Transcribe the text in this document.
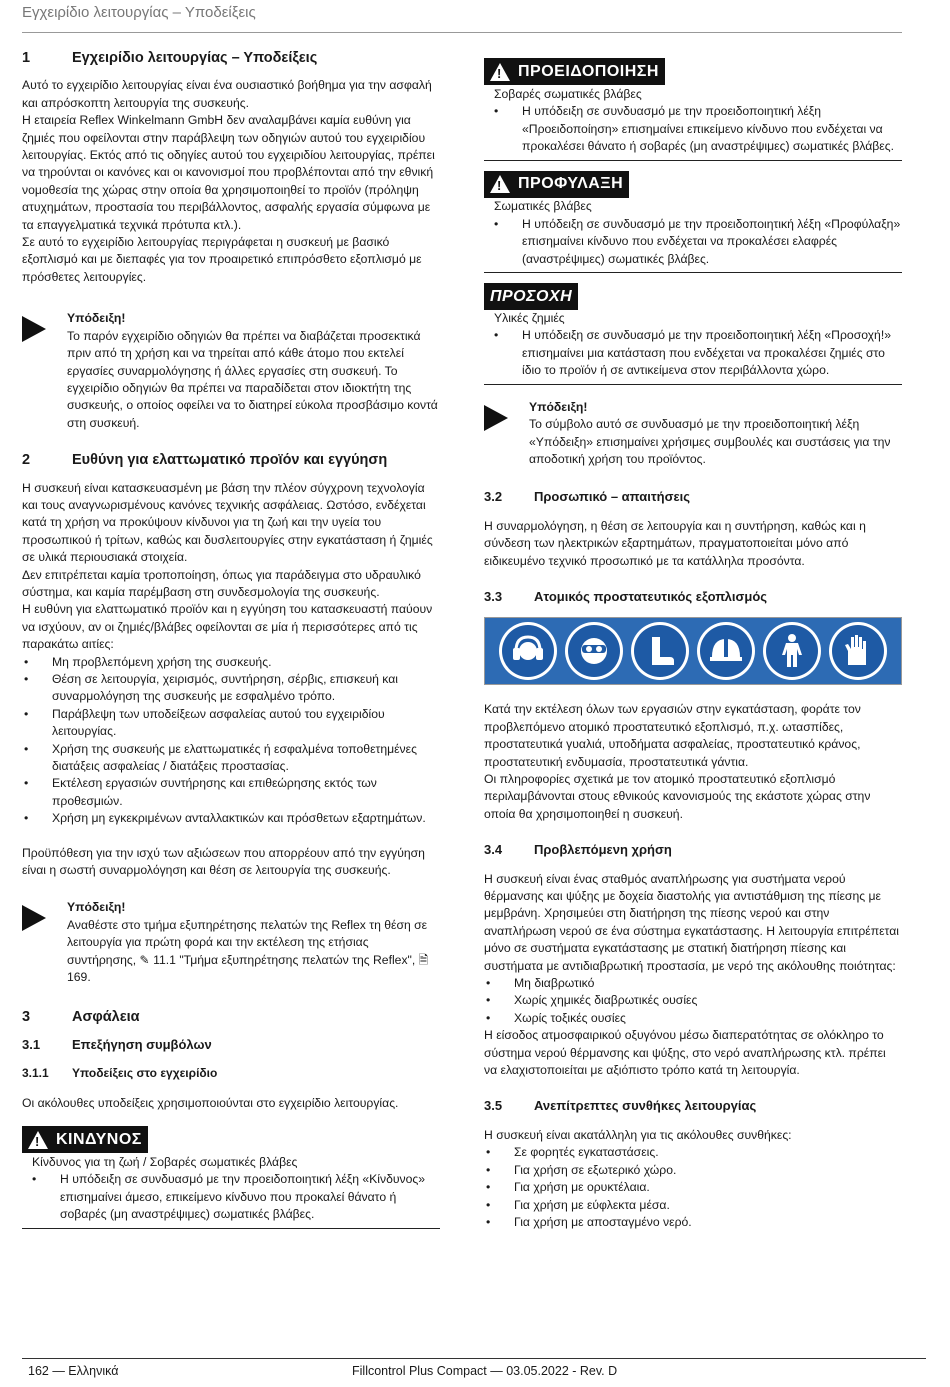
Εγχειρίδιο λειτουργίας – Υποδείξεις
1	Εγχειρίδιο λειτουργίας – Υποδείξεις

Αυτό το εγχειρίδιο λειτουργίας είναι ένα ουσιαστικό βοήθημα για την ασφαλή και απρόσκοπτη λειτουργία της συσκευής.

Η εταιρεία Reflex Winkelmann GmbH δεν αναλαμβάνει καμία ευθύνη για ζημιές που οφείλονται στην παράβλεψη των οδηγιών αυτού του εγχειριδίου λειτουργίας. Εκτός από τις οδηγίες αυτού του εγχειριδίου λειτουργίας, πρέπει να τηρούνται οι κανόνες και οι κανονισμοί που προβλέπονται από την εθνική νομοθεσία της χώρας στην οποία θα χρησιμοποιηθεί το προϊόν (πρόληψη ατυχημάτων, προστασία του περιβάλλοντος, ασφαλής εργασία σύμφωνα με τα επαγγελματικά τεχνικά πρότυπα κτλ.).

Σε αυτό το εγχειρίδιο λειτουργίας περιγράφεται η συσκευή με βασικό εξοπλισμό και με διεπαφές για τον προαιρετικό επιπρόσθετο εξοπλισμό με πρόσθετες λειτουργίες.

Υπόδειξη!
Το παρόν εγχειρίδιο οδηγιών θα πρέπει να διαβάζεται προσεκτικά πριν από τη χρήση και να τηρείται από κάθε άτομο που εκτελεί εργασίες συναρμολόγησης ή άλλες εργασίες στη συσκευή. Το εγχειρίδιο οδηγιών θα πρέπει να παραδίδεται στον ιδιοκτήτη της συσκευής, ο οποίος οφείλει να το διατηρεί εύκολα προσβάσιμο κοντά στη συσκευή.
2	Ευθύνη για ελαττωματικό προϊόν και εγγύηση

Η συσκευή είναι κατασκευασμένη με βάση την πλέον σύγχρονη τεχνολογία και τους αναγνωρισμένους κανόνες τεχνικής ασφάλειας. Ωστόσο, ενδέχεται κατά τη χρήση να προκύψουν κίνδυνοι για τη ζωή και την υγεία του προσωπικού ή τρίτων, καθώς και δυσλειτουργίες στην εγκατάσταση ή ζημιές σε υλικά περιουσιακά στοιχεία.

Δεν επιτρέπεται καμία τροποποίηση, όπως για παράδειγμα στο υδραυλικό σύστημα, και καμία παρέμβαση στη συνδεσμολογία της συσκευής.

Η ευθύνη για ελαττωματικό προϊόν και η εγγύηση του κατασκευαστή παύουν να ισχύουν, αν οι ζημιές/βλάβες οφείλονται σε μία ή περισσότερες από τις παρακάτω αιτίες:

• Μη προβλεπόμενη χρήση της συσκευής.
• Θέση σε λειτουργία, χειρισμός, συντήρηση, σέρβις, επισκευή και συναρμολόγηση της συσκευής με εσφαλμένο τρόπο.
• Παράβλεψη των υποδείξεων ασφαλείας αυτού του εγχειριδίου λειτουργίας.
• Χρήση της συσκευής με ελαττωματικές ή εσφαλμένα τοποθετημένες διατάξεις ασφαλείας / διατάξεις προστασίας.
• Εκτέλεση εργασιών συντήρησης και επιθεώρησης εκτός των προθεσμιών.
• Χρήση μη εγκεκριμένων ανταλλακτικών και πρόσθετων εξαρτημάτων.

Προϋπόθεση για την ισχύ των αξιώσεων που απορρέουν από την εγγύηση είναι η σωστή συναρμολόγηση και θέση σε λειτουργία της συσκευής.

Υπόδειξη!
Αναθέστε στο τμήμα εξυπηρέτησης πελατών της Reflex τη θέση σε λειτουργία για πρώτη φορά και την εκτέλεση της ετήσιας συντήρησης, ✎ 11.1 "Τμήμα εξυπηρέτησης πελατών της Reflex", 🗎 169.
3	Ασφάλεια
3.1	Επεξήγηση συμβόλων
3.1.1	Υποδείξεις στο εγχειρίδιο

Οι ακόλουθες υποδείξεις χρησιμοποιούνται στο εγχειρίδιο λειτουργίας.

!
ΚΙΝΔΥΝΟΣ
Κίνδυνος για τη ζωή / Σοβαρές σωματικές βλάβες
• Η υπόδειξη σε συνδυασμό με την προειδοποιητική λέξη «Κίνδυνος» επισημαίνει άμεσο, επικείμενο κίνδυνο που προκαλεί θάνατο ή σοβαρές (μη αναστρέψιμες) σωματικές βλάβες.
!
ΠΡΟΕΙΔΟΠΟΙΗΣΗ
Σοβαρές σωματικές βλάβες
• Η υπόδειξη σε συνδυασμό με την προειδοποιητική λέξη «Προειδοποίηση» επισημαίνει επικείμενο κίνδυνο που ενδέχεται να προκαλέσει θάνατο ή σοβαρές (μη αναστρέψιμες) σωματικές βλάβες.
!
ΠΡΟΦΥΛΑΞΗ
Σωματικές βλάβες
• Η υπόδειξη σε συνδυασμό με την προειδοποιητική λέξη «Προφύλαξη» επισημαίνει κίνδυνο που ενδέχεται να προκαλέσει ελαφρές (αναστρέψιμες) σωματικές βλάβες.
ΠΡΟΣΟΧΗ
Υλικές ζημιές
• Η υπόδειξη σε συνδυασμό με την προειδοποιητική λέξη «Προσοχή!» επισημαίνει μια κατάσταση που ενδέχεται να προκαλέσει ζημιές στο ίδιο το προϊόν ή σε αντικείμενα στον περιβάλλοντα χώρο.
Υπόδειξη!
Το σύμβολο αυτό σε συνδυασμό με την προειδοποιητική λέξη «Υπόδειξη» επισημαίνει χρήσιμες συμβουλές και συστάσεις για την αποδοτική χρήση του προϊόντος.
3.2	Προσωπικό – απαιτήσεις

Η συναρμολόγηση, η θέση σε λειτουργία και η συντήρηση, καθώς και η σύνδεση των ηλεκτρικών εξαρτημάτων, πραγματοποιείται μόνο από ειδικευμένο τεχνικό προσωπικό με τα κατάλληλα προσόντα.

3.3	Ατομικός προστατευτικός εξοπλισμός

Κατά την εκτέλεση όλων των εργασιών στην εγκατάσταση, φοράτε τον προβλεπόμενο ατομικό προστατευτικό εξοπλισμό, π.χ. ωτασπίδες, προστατευτικά γυαλιά, υποδήματα ασφαλείας, προστατευτικό κράνος, προστατευτική ενδυμασία, προστατευτικά γάντια.

Οι πληροφορίες σχετικά με τον ατομικό προστατευτικό εξοπλισμό περιλαμβάνονται στους εθνικούς κανονισμούς της εκάστοτε χώρας στην οποία θα χρησιμοποιηθεί η συσκευή.

3.4	Προβλεπόμενη χρήση

Η συσκευή είναι ένας σταθμός αναπλήρωσης για συστήματα νερού θέρμανσης και ψύξης με δοχεία διαστολής για αντιστάθμιση της πίεσης με μεμβράνη. Χρησιμεύει στη διατήρηση της πίεσης νερού και στην αναπλήρωση νερού σε ένα σύστημα εγκατάστασης. Η λειτουργία επιτρέπεται μόνο σε συστήματα εγκατάστασης με στατική διατήρηση πίεσης και συστήματα με αντιδιαβρωτική προστασία, με νερό της ακόλουθης ποιότητας:

• Μη διαβρωτικό
• Χωρίς χημικές διαβρωτικές ουσίες
• Χωρίς τοξικές ουσίες

Η είσοδος ατμοσφαιρικού οξυγόνου μέσω διαπερατότητας σε ολόκληρο το σύστημα νερού θέρμανσης και ψύξης, στο νερό αναπλήρωσης κτλ. πρέπει να ελαχιστοποιείται με αξιόπιστο τρόπο κατά τη λειτουργία.

3.5	Ανεπίτρεπτες συνθήκες λειτουργίας

Η συσκευή είναι ακατάλληλη για τις ακόλουθες συνθήκες:

• Σε φορητές εγκαταστάσεις.
• Για χρήση σε εξωτερικό χώρο.
• Για χρήση με ορυκτέλαια.
• Για χρήση με εύφλεκτα μέσα.
• Για χρήση με αποσταγμένο νερό.
162 — Ελληνικά	Fillcontrol Plus Compact — 03.05.2022 - Rev. D
